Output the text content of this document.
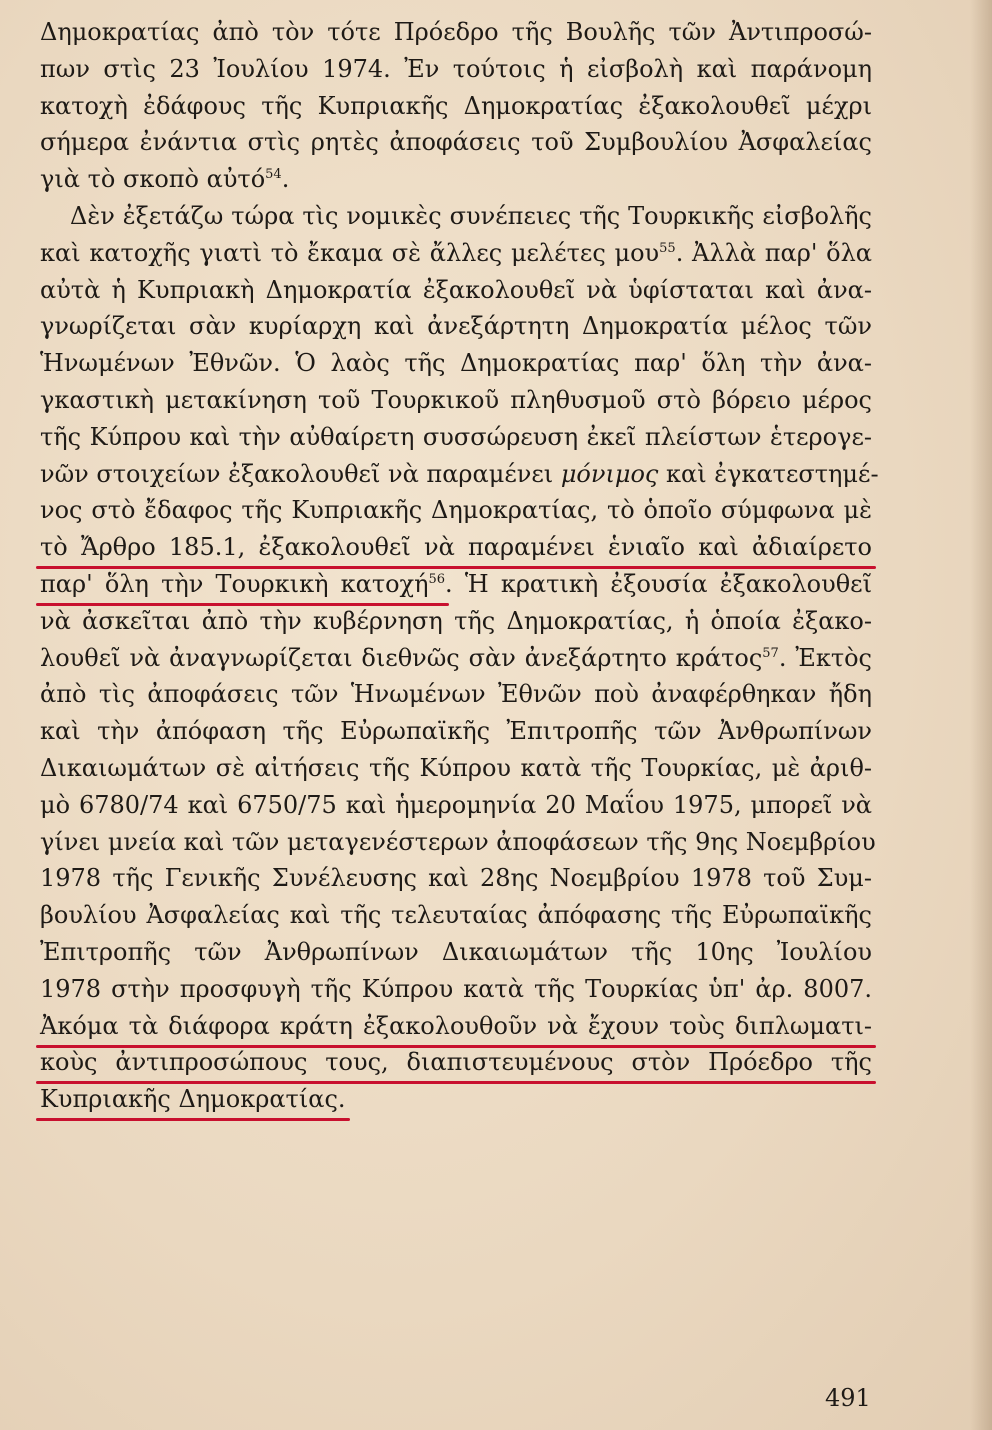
Δημοκρατίας ἀπὸ τὸν τότε Πρόεδρο τῆς Βουλῆς τῶν Ἀντιπροσώ-
πων στὶς 23 Ἰουλίου 1974. Ἐν τούτοις ἡ εἰσβολὴ καὶ παράνομη
κατοχὴ ἐδάφους τῆς Κυπριακῆς Δημοκρατίας ἐξακολουθεῖ μέχρι
σήμερα ἐνάντια στὶς ρητὲς ἀποφάσεις τοῦ Συμβουλίου Ἀσφαλείας
γιὰ τὸ σκοπὸ αὐτό$^{54}$.
Δὲν ἐξετάζω τώρα τὶς νομικὲς συνέπειες τῆς Τουρκικῆς εἰσβολῆς
καὶ κατοχῆς γιατὶ τὸ ἔκαμα σὲ ἄλλες μελέτες μου$^{55}$. Ἀλλὰ παρ' ὅλα
αὐτὰ ἡ Κυπριακὴ Δημοκρατία ἐξακολουθεῖ νὰ ὑφίσταται καὶ ἀνα-
γνωρίζεται σὰν κυρίαρχη καὶ ἀνεξάρτητη Δημοκρατία μέλος τῶν
Ἡνωμένων Ἐθνῶν. Ὁ λαὸς τῆς Δημοκρατίας παρ' ὅλη τὴν ἀνα-
γκαστικὴ μετακίνηση τοῦ Τουρκικοῦ πληθυσμοῦ στὸ βόρειο μέρος
τῆς Κύπρου καὶ τὴν αὐθαίρετη συσσώρευση ἐκεῖ πλείστων ἑτερογε-
νῶν στοιχείων ἐξακολουθεῖ νὰ παραμένει μόνιμος καὶ ἐγκατεστημέ-
νος στὸ ἔδαφος τῆς Κυπριακῆς Δημοκρατίας, τὸ ὁποῖο σύμφωνα μὲ
τὸ Ἄρθρο 185.1, ἐξακολουθεῖ νὰ παραμένει ἑνιαῖο καὶ ἀδιαίρετο
παρ' ὅλη τὴν Τουρκικὴ κατοχή$^{56}$. Ἡ κρατικὴ ἐξουσία ἐξακολουθεῖ
νὰ ἀσκεῖται ἀπὸ τὴν κυβέρνηση τῆς Δημοκρατίας, ἡ ὁποία ἐξακο-
λουθεῖ νὰ ἀναγνωρίζεται διεθνῶς σὰν ἀνεξάρτητο κράτος$^{57}$. Ἐκτὸς
ἀπὸ τὶς ἀποφάσεις τῶν Ἡνωμένων Ἐθνῶν ποὺ ἀναφέρθηκαν ἤδη
καὶ τὴν ἀπόφαση τῆς Εὐρωπαϊκῆς Ἐπιτροπῆς τῶν Ἀνθρωπίνων
Δικαιωμάτων σὲ αἰτήσεις τῆς Κύπρου κατὰ τῆς Τουρκίας, μὲ ἀριθ-
μὸ 6780/74 καὶ 6750/75 καὶ ἡμερομηνία 20 Μαΐου 1975, μπορεῖ νὰ
γίνει μνεία καὶ τῶν μεταγενέστερων ἀποφάσεων τῆς 9ης Νοεμβρίου
1978 τῆς Γενικῆς Συνέλευσης καὶ 28ης Νοεμβρίου 1978 τοῦ Συμ-
βουλίου Ἀσφαλείας καὶ τῆς τελευταίας ἀπόφασης τῆς Εὐρωπαϊκῆς
Ἐπιτροπῆς τῶν Ἀνθρωπίνων Δικαιωμάτων τῆς 10ης Ἰουλίου
1978 στὴν προσφυγὴ τῆς Κύπρου κατὰ τῆς Τουρκίας ὑπ' ἀρ. 8007.
Ἀκόμα τὰ διάφορα κράτη ἐξακολουθοῦν νὰ ἔχουν τοὺς διπλωματι-
κοὺς ἀντιπροσώπους τους, διαπιστευμένους στὸν Πρόεδρο τῆς
Κυπριακῆς Δημοκρατίας.
491
